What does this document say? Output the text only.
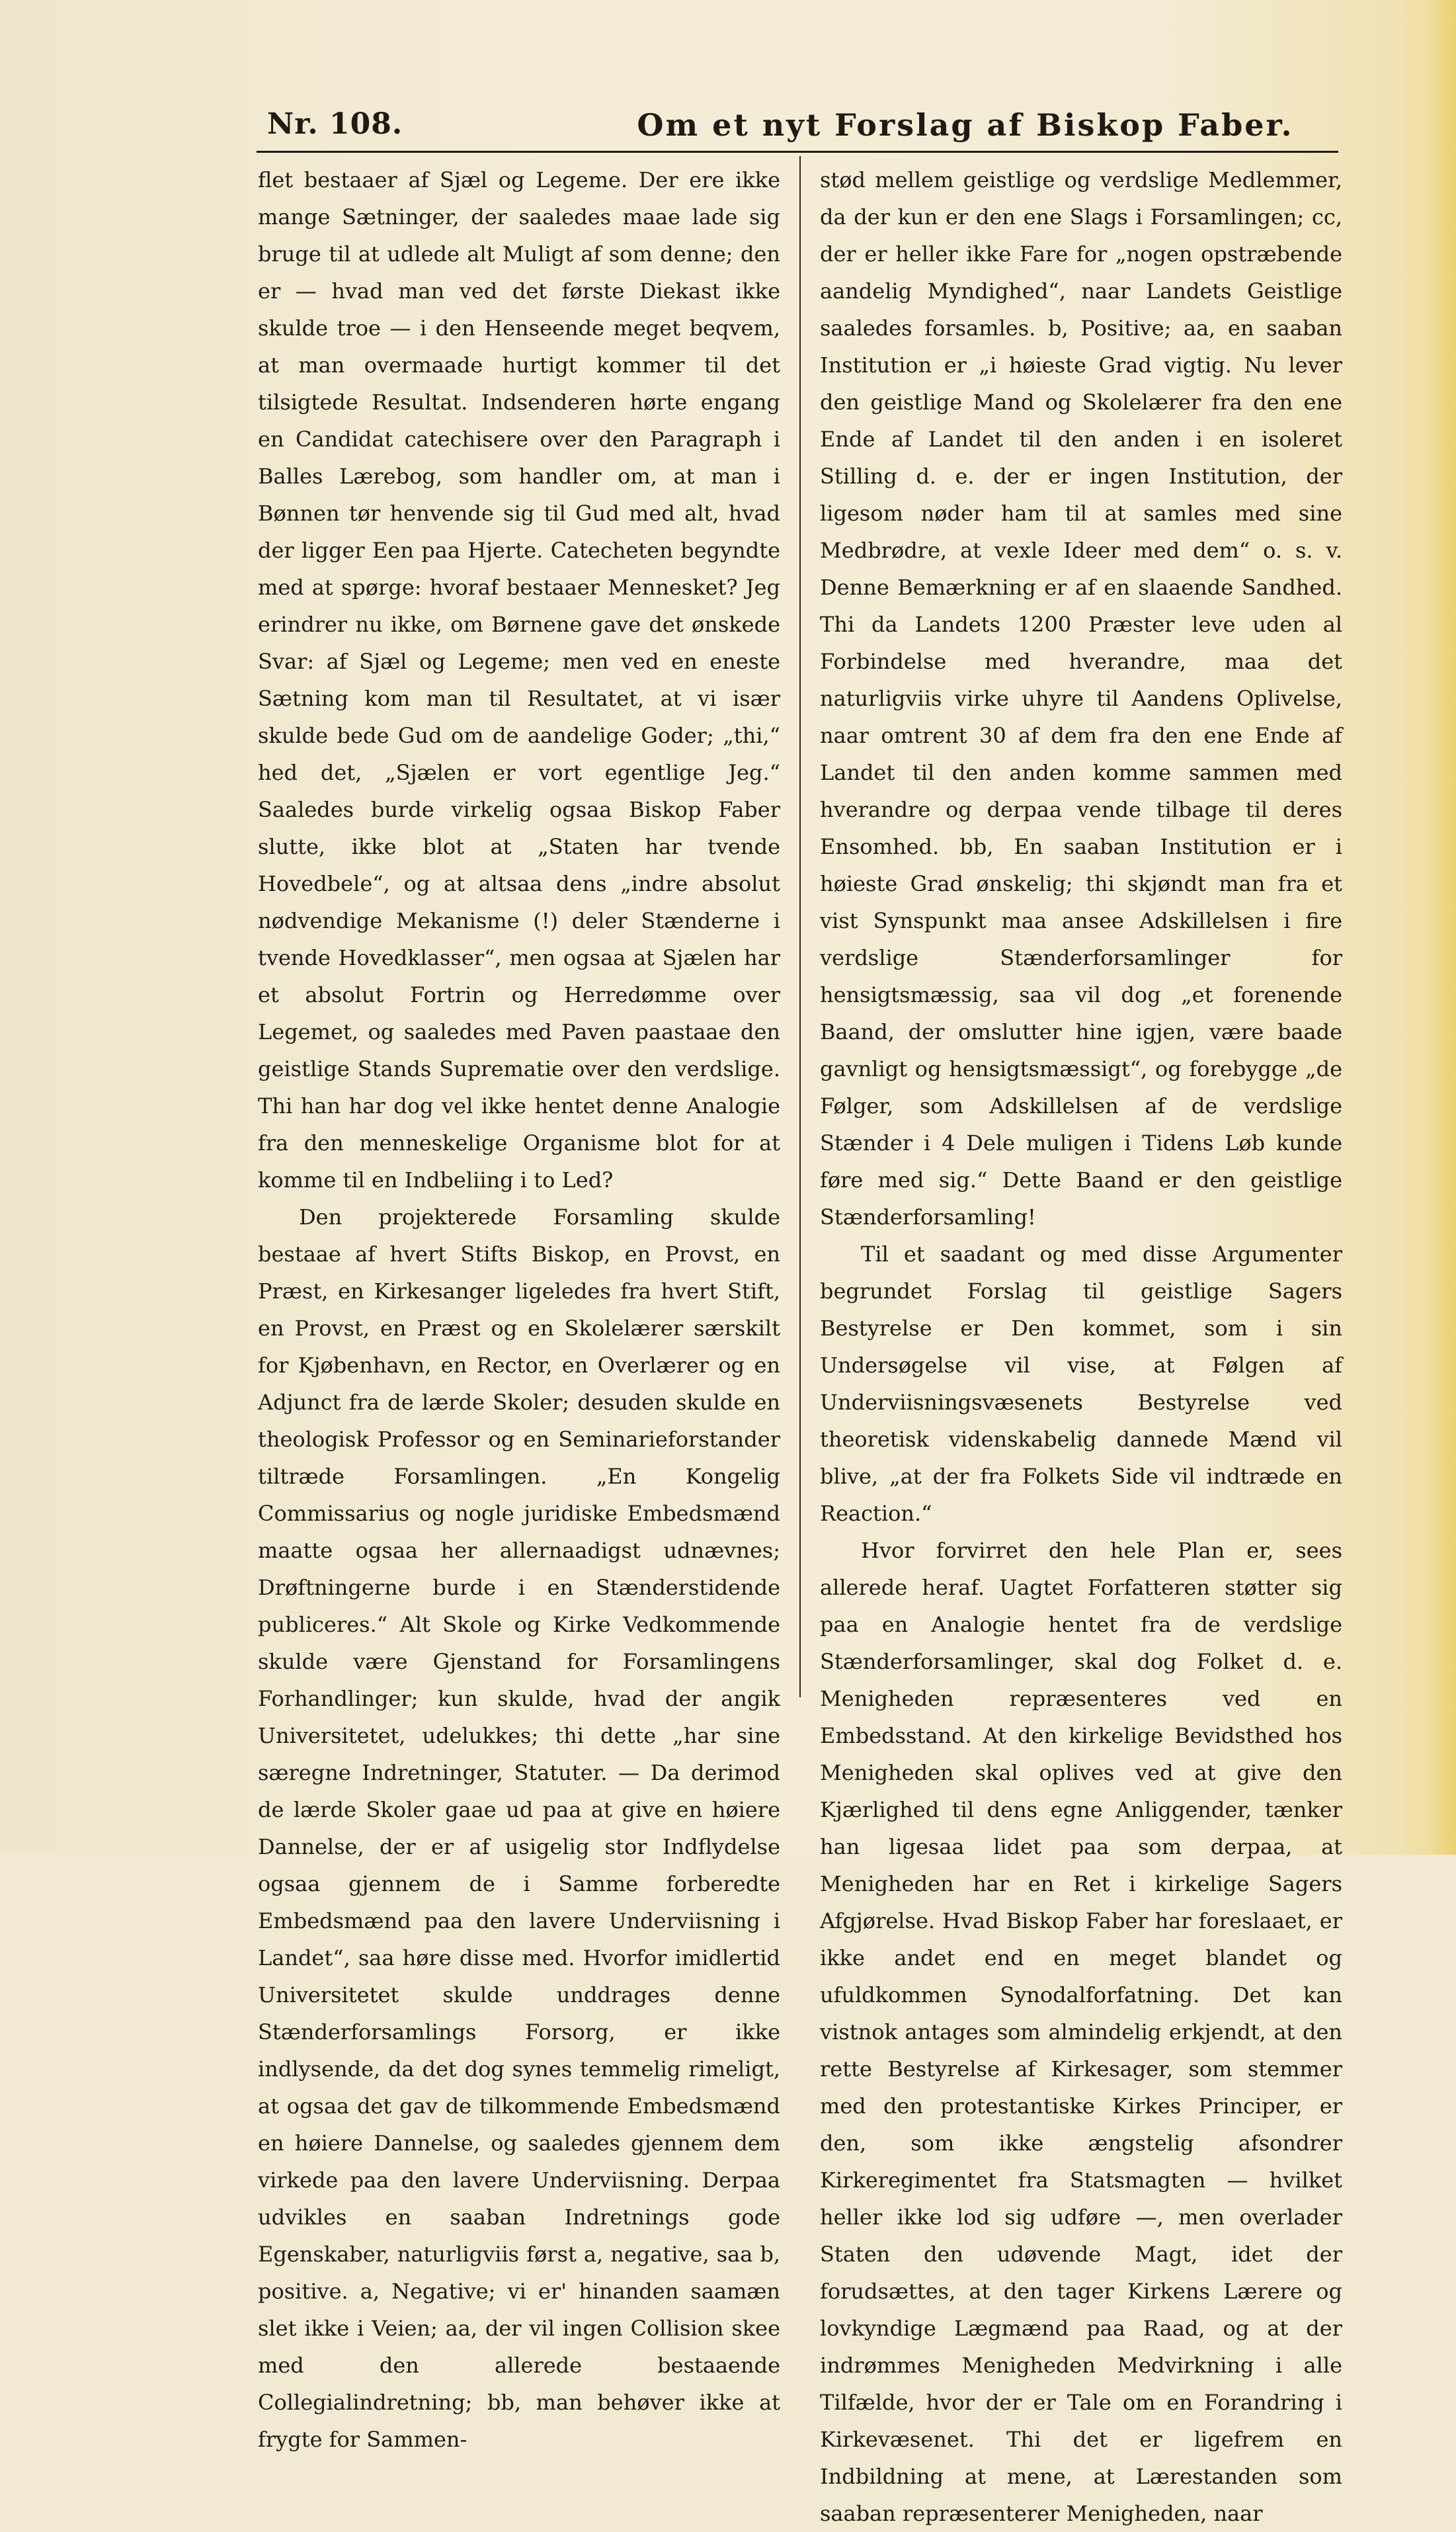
Nr. 108.	Om et nyt Forslag af Biskop Faber.

flet bestaaer af Sjæl og Legeme. Der ere ikke mange Sætninger, der saaledes maae lade sig bruge til at udlede alt Muligt af som denne; den er — hvad man ved det første Diekast ikke skulde troe — i den Henseende meget beqvem, at man overmaade hurtigt kommer til det tilsigtede Resultat. Indsenderen hørte engang en Candidat catechisere over den Paragraph i Balles Lærebog, som handler om, at man i Bønnen tør henvende sig til Gud med alt, hvad der ligger Een paa Hjerte. Catecheten begyndte med at spørge: hvoraf bestaaer Mennesket? Jeg erindrer nu ikke, om Børnene gave det ønskede Svar: af Sjæl og Legeme; men ved en eneste Sætning kom man til Resultatet, at vi især skulde bede Gud om de aandelige Goder; „thi,“ hed det, „Sjælen er vort egentlige Jeg.“ Saaledes burde virkelig ogsaa Biskop Faber slutte, ikke blot at „Staten har tvende Hovedbele“, og at altsaa dens „indre absolut nødvendige Mekanisme (!) deler Stænderne i tvende Hovedklasser“, men ogsaa at Sjælen har et absolut Fortrin og Herredømme over Legemet, og saaledes med Paven paastaae den geistlige Stands Suprematie over den verdslige. Thi han har dog vel ikke hentet denne Analogie fra den menneskelige Organisme blot for at komme til en Indbeliing i to Led?

Den projekterede Forsamling skulde bestaae af hvert Stifts Biskop, en Provst, en Præst, en Kirkesanger ligeledes fra hvert Stift, en Provst, en Præst og en Skolelærer særskilt for Kjøbenhavn, en Rector, en Overlærer og en Adjunct fra de lærde Skoler; desuden skulde en theologisk Professor og en Seminarieforstander tiltræde Forsamlingen. „En Kongelig Commissarius og nogle juridiske Embedsmænd maatte ogsaa her allernaadigst udnævnes; Drøftningerne burde i en Stænderstidende publiceres.“ Alt Skole og Kirke Vedkommende skulde være Gjenstand for Forsamlingens Forhandlinger; kun skulde, hvad der angik Universitetet, udelukkes; thi dette „har sine særegne Indretninger, Statuter. — Da derimod de lærde Skoler gaae ud paa at give en høiere Dannelse, der er af usigelig stor Indflydelse ogsaa gjennem de i Samme forberedte Embedsmænd paa den lavere Underviisning i Landet“, saa høre disse med. Hvorfor imidlertid Universitetet skulde unddrages denne Stænderforsamlings Forsorg, er ikke indlysende, da det dog synes temmelig rimeligt, at ogsaa det gav de tilkommende Embedsmænd en høiere Dannelse, og saaledes gjennem dem virkede paa den lavere Underviisning. Derpaa udvikles en saaban Indretnings gode Egenskaber, naturligviis først a, negative, saa b, positive. a, Negative; vi er' hinanden saamæn slet ikke i Veien; aa, der vil ingen Collision skee med den allerede bestaaende Collegialindretning; bb, man behøver ikke at frygte for Sammen-

stød mellem geistlige og verdslige Medlemmer, da der kun er den ene Slags i Forsamlingen; cc, der er heller ikke Fare for „nogen opstræbende aandelig Myndighed“, naar Landets Geistlige saaledes forsamles. b, Positive; aa, en saaban Institution er „i høieste Grad vigtig. Nu lever den geistlige Mand og Skolelærer fra den ene Ende af Landet til den anden i en isoleret Stilling d. e. der er ingen Institution, der ligesom nøder ham til at samles med sine Medbrødre, at vexle Ideer med dem“ o. s. v. Denne Bemærkning er af en slaaende Sandhed. Thi da Landets 1200 Præster leve uden al Forbindelse med hverandre, maa det naturligviis virke uhyre til Aandens Oplivelse, naar omtrent 30 af dem fra den ene Ende af Landet til den anden komme sammen med hverandre og derpaa vende tilbage til deres Ensomhed. bb, En saaban Institution er i høieste Grad ønskelig; thi skjøndt man fra et vist Synspunkt maa ansee Adskillelsen i fire verdslige Stænderforsamlinger for hensigtsmæssig, saa vil dog „et forenende Baand, der omslutter hine igjen, være baade gavnligt og hensigtsmæssigt“, og forebygge „de Følger, som Adskillelsen af de verdslige Stænder i 4 Dele muligen i Tidens Løb kunde føre med sig.“ Dette Baand er den geistlige Stænderforsamling!

Til et saadant og med disse Argumenter begrundet Forslag til geistlige Sagers Bestyrelse er Den kommet, som i sin Undersøgelse vil vise, at Følgen af Underviisningsvæsenets Bestyrelse ved theoretisk videnskabelig dannede Mænd vil blive, „at der fra Folkets Side vil indtræde en Reaction.“

Hvor forvirret den hele Plan er, sees allerede heraf. Uagtet Forfatteren støtter sig paa en Analogie hentet fra de verdslige Stænderforsamlinger, skal dog Folket d. e. Menigheden repræsenteres ved en Embedsstand. At den kirkelige Bevidsthed hos Menigheden skal oplives ved at give den Kjærlighed til dens egne Anliggender, tænker han ligesaa lidet paa som derpaa, at Menigheden har en Ret i kirkelige Sagers Afgjørelse. Hvad Biskop Faber har foreslaaet, er ikke andet end en meget blandet og ufuldkommen Synodalforfatning. Det kan vistnok antages som almindelig erkjendt, at den rette Bestyrelse af Kirkesager, som stemmer med den protestantiske Kirkes Principer, er den, som ikke ængstelig afsondrer Kirkeregimentet fra Statsmagten — hvilket heller ikke lod sig udføre —, men overlader Staten den udøvende Magt, idet der forudsættes, at den tager Kirkens Lærere og lovkyndige Lægmænd paa Raad, og at der indrømmes Menigheden Medvirkning i alle Tilfælde, hvor der er Tale om en Forandring i Kirkevæsenet. Thi det er ligefrem en Indbildning at mene, at Lærestanden som saaban repræsenterer Menigheden, naar
